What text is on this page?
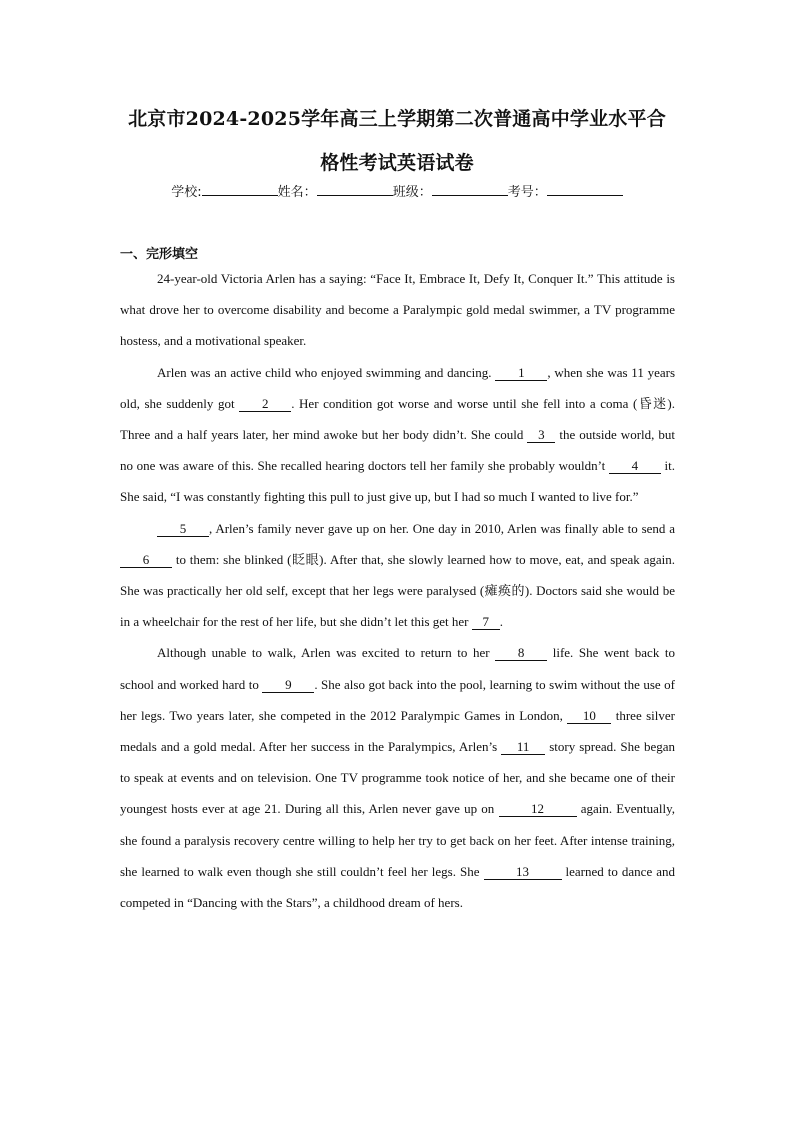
北京市2024-2025学年高三上学期第二次普通高中学业水平合
格性考试英语试卷
学校:	姓名：	班级：	考号：
一、完形填空

24-year-old Victoria Arlen has a saying: “Face It, Embrace It, Defy It, Conquer It.” This attitude is what drove her to overcome disability and become a Paralympic gold medal swimmer, a TV programme hostess, and a motivational speaker.

Arlen was an active child who enjoyed swimming and dancing. 1 , when she was 11 years old, she suddenly got 2 . Her condition got worse and worse until she fell into a coma (昏迷). Three and a half years later, her mind awoke but her body didn’t. She could 3 the outside world, but no one was aware of this. She recalled hearing doctors tell her family she probably wouldn’t 4 it. She said, “I was constantly fighting this pull to just give up, but I had so much I wanted to live for.”

5 , Arlen’s family never gave up on her. One day in 2010, Arlen was finally able to send a 6 to them: she blinked (眨眼). After that, she slowly learned how to move, eat, and speak again. She was practically her old self, except that her legs were paralysed (瘫痪的). Doctors said she would be in a wheelchair for the rest of her life, but she didn’t let this get her 7 .

Although unable to walk, Arlen was excited to return to her 8 life. She went back to school and worked hard to 9 . She also got back into the pool, learning to swim without the use of her legs. Two years later, she competed in the 2012 Paralympic Games in London, 10 three silver medals and a gold medal. After her success in the Paralympics, Arlen’s 11 story spread. She began to speak at events and on television. One TV programme took notice of her, and she became one of their youngest hosts ever at age 21. During all this, Arlen never gave up on	12	again. Eventually, she found a paralysis recovery centre willing to help her try to get back on her feet. After intense training, she learned to walk even though she still couldn’t feel her legs. She	13	learned to dance and competed in “Dancing with the Stars”, a childhood dream of hers.
